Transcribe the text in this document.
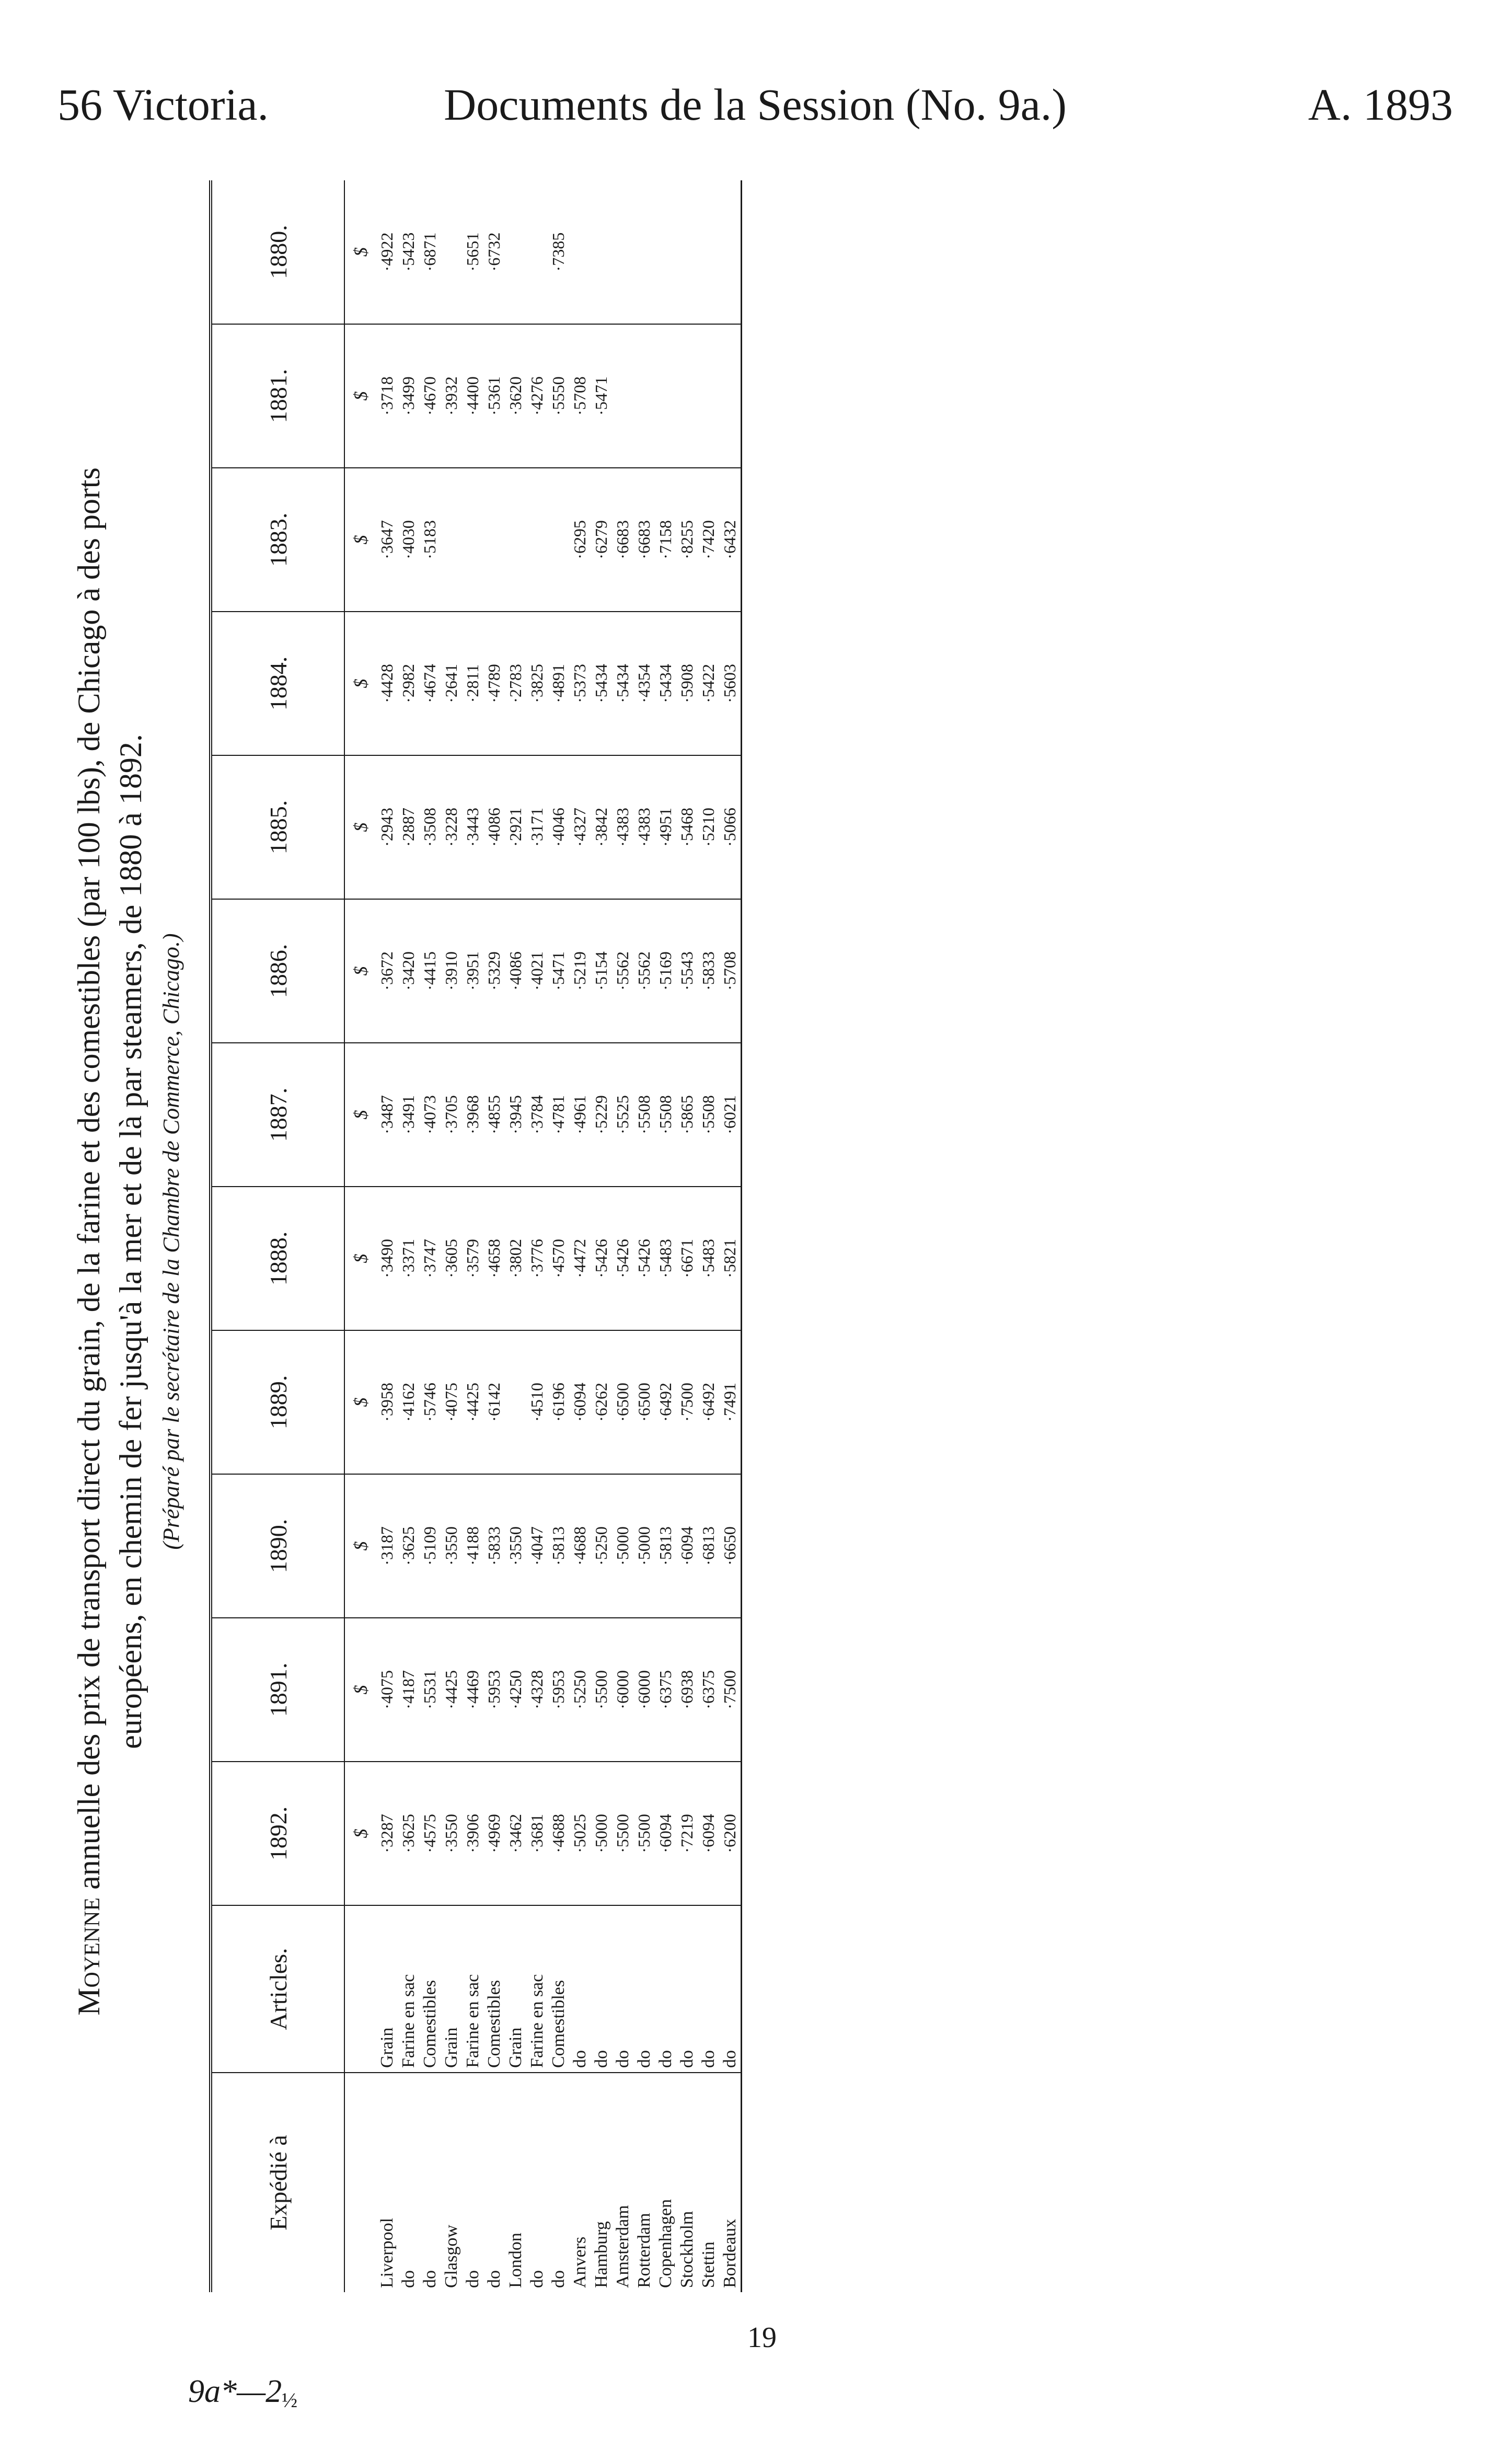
56 Victoria.	Documents de la Session (No. 9a.)	A. 1893
Moyenne annuelle des prix de transport direct du grain, de la farine et des comestibles (par 100 lbs), de Chicago à des ports européens, en chemin de fer jusqu'à la mer et de là par steamers, de 1880 à 1892. (Préparé par le secrétaire de la Chambre de Commerce, Chicago.)
Expédié à	Articles.	1892.	1891.	1890.	1889.	1888.	1887.	1886.	1885.	1884.	1883.	1881.	1880.
		$	$	$	$	$	$	$	$	$	$	$	$
Liverpool	Grain	·3287	·4075	·3187	·3958	·3490	·3487	·3672	·2943	·4428	·3647	·3718	·4922
do	Farine en sac	·3625	·4187	·3625	·4162	·3371	·3491	·3420	·2887	·2982	·4030	·3499	·5423
do	Comestibles	·4575	·5531	·5109	·5746	·3747	·4073	·4415	·3508	·4674	·5183	·4670	·6871
Glasgow	Grain	·3550	·4425	·3550	·4075	·3605	·3705	·3910	·3228	·2641		·3932	
do	Farine en sac	·3906	·4469	·4188	·4425	·3579	·3968	·3951	·3443	·2811		·4400	·5651
do	Comestibles	·4969	·5953	·5833	·6142	·4658	·4855	·5329	·4086	·4789		·5361	·6732
London	Grain	·3462	·4250	·3550		·3802	·3945	·4086	·2921	·2783		·3620	
do	Farine en sac	·3681	·4328	·4047	·4510	·3776	·3784	·4021	·3171	·3825		·4276	
do	Comestibles	·4688	·5953	·5813	·6196	·4570	·4781	·5471	·4046	·4891		·5550	·7385
Anvers	do	·5025	·5250	·4688	·6094	·4472	·4961	·5219	·4327	·5373	·6295	·5708	
Hamburg	do	·5000	·5500	·5250	·6262	·5426	·5229	·5154	·3842	·5434	·6279	·5471	
Amsterdam	do	·5500	·6000	·5000	·6500	·5426	·5525	·5562	·4383	·5434	·6683		
Rotterdam	do	·5500	·6000	·5000	·6500	·5426	·5508	·5562	·4383	·4354	·6683		
Copenhagen	do	·6094	·6375	·5813	·6492	·5483	·5508	·5169	·4951	·5434	·7158		
Stockholm	do	·7219	·6938	·6094	·7500	·6671	·5865	·5543	·5468	·5908	·8255		
Stettin	do	·6094	·6375	·6813	·6492	·5483	·5508	·5833	·5210	·5422	·7420		
Bordeaux	do	·6200	·7500	·6650	·7491	·5821	·6021	·5708	·5066	·5603	·6432		
19
$9a*—2_{\frac{1}{2}}$
